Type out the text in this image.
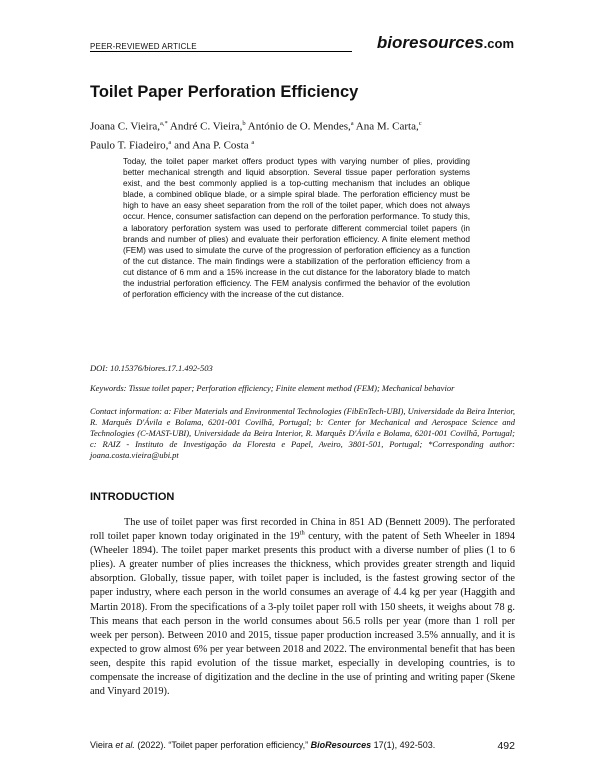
PEER-REVIEWED ARTICLE	bioresources.com
Toilet Paper Perforation Efficiency
Joana C. Vieira,$^{a,*}$ André C. Vieira,$^b$ António de O. Mendes,$^a$ Ana M. Carta,$^c$
Paulo T. Fiadeiro,$^a$ and Ana P. Costa $^a$
Today, the toilet paper market offers product types with varying number of plies, providing better mechanical strength and liquid absorption. Several tissue paper perforation systems exist, and the best commonly applied is a top-cutting mechanism that includes an oblique blade, a combined oblique blade, or a simple spiral blade. The perforation efficiency must be high to have an easy sheet separation from the roll of the toilet paper, which does not always occur. Hence, consumer satisfaction can depend on the perforation performance. To study this, a laboratory perforation system was used to perforate different commercial toilet papers (in brands and number of plies) and evaluate their perforation efficiency. A finite element method (FEM) was used to simulate the curve of the progression of perforation efficiency as a function of the cut distance. The main findings were a stabilization of the perforation efficiency from a cut distance of 6 mm and a 15% increase in the cut distance for the laboratory blade to match the industrial perforation efficiency. The FEM analysis confirmed the behavior of the evolution of perforation efficiency with the increase of the cut distance.
DOI: 10.15376/biores.17.1.492-503
Keywords: Tissue toilet paper; Perforation efficiency; Finite element method (FEM); Mechanical behavior
Contact information: a: Fiber Materials and Environmental Technologies (FibEnTech-UBI), Universidade da Beira Interior, R. Marquês D'Ávila e Bolama, 6201-001 Covilhã, Portugal; b: Center for Mechanical and Aerospace Science and Technologies (C-MAST-UBI), Universidade da Beira Interior, R. Marquês D'Ávila e Bolama, 6201-001 Covilhã, Portugal; c: RAIZ - Instituto de Investigação da Floresta e Papel, Aveiro, 3801-501, Portugal; *Corresponding author: joana.costa.vieira@ubi.pt
INTRODUCTION
The use of toilet paper was first recorded in China in 851 AD (Bennett 2009). The perforated roll toilet paper known today originated in the 19th century, with the patent of Seth Wheeler in 1894 (Wheeler 1894). The toilet paper market presents this product with a diverse number of plies (1 to 6 plies). A greater number of plies increases the thickness, which provides greater strength and liquid absorption. Globally, tissue paper, with toilet paper is included, is the fastest growing sector of the paper industry, where each person in the world consumes an average of 4.4 kg per year (Haggith and Martin 2018). From the specifications of a 3-ply toilet paper roll with 150 sheets, it weighs about 78 g. This means that each person in the world consumes about 56.5 rolls per year (more than 1 roll per week per person). Between 2010 and 2015, tissue paper production increased 3.5% annually, and it is expected to grow almost 6% per year between 2018 and 2022. The environmental benefit that has been seen, despite this rapid evolution of the tissue market, especially in developing countries, is to compensate the increase of digitization and the decline in the use of printing and writing paper (Skene and Vinyard 2019).
Vieira et al. (2022). “Toilet paper perforation efficiency,” BioResources 17(1), 492-503.	492
